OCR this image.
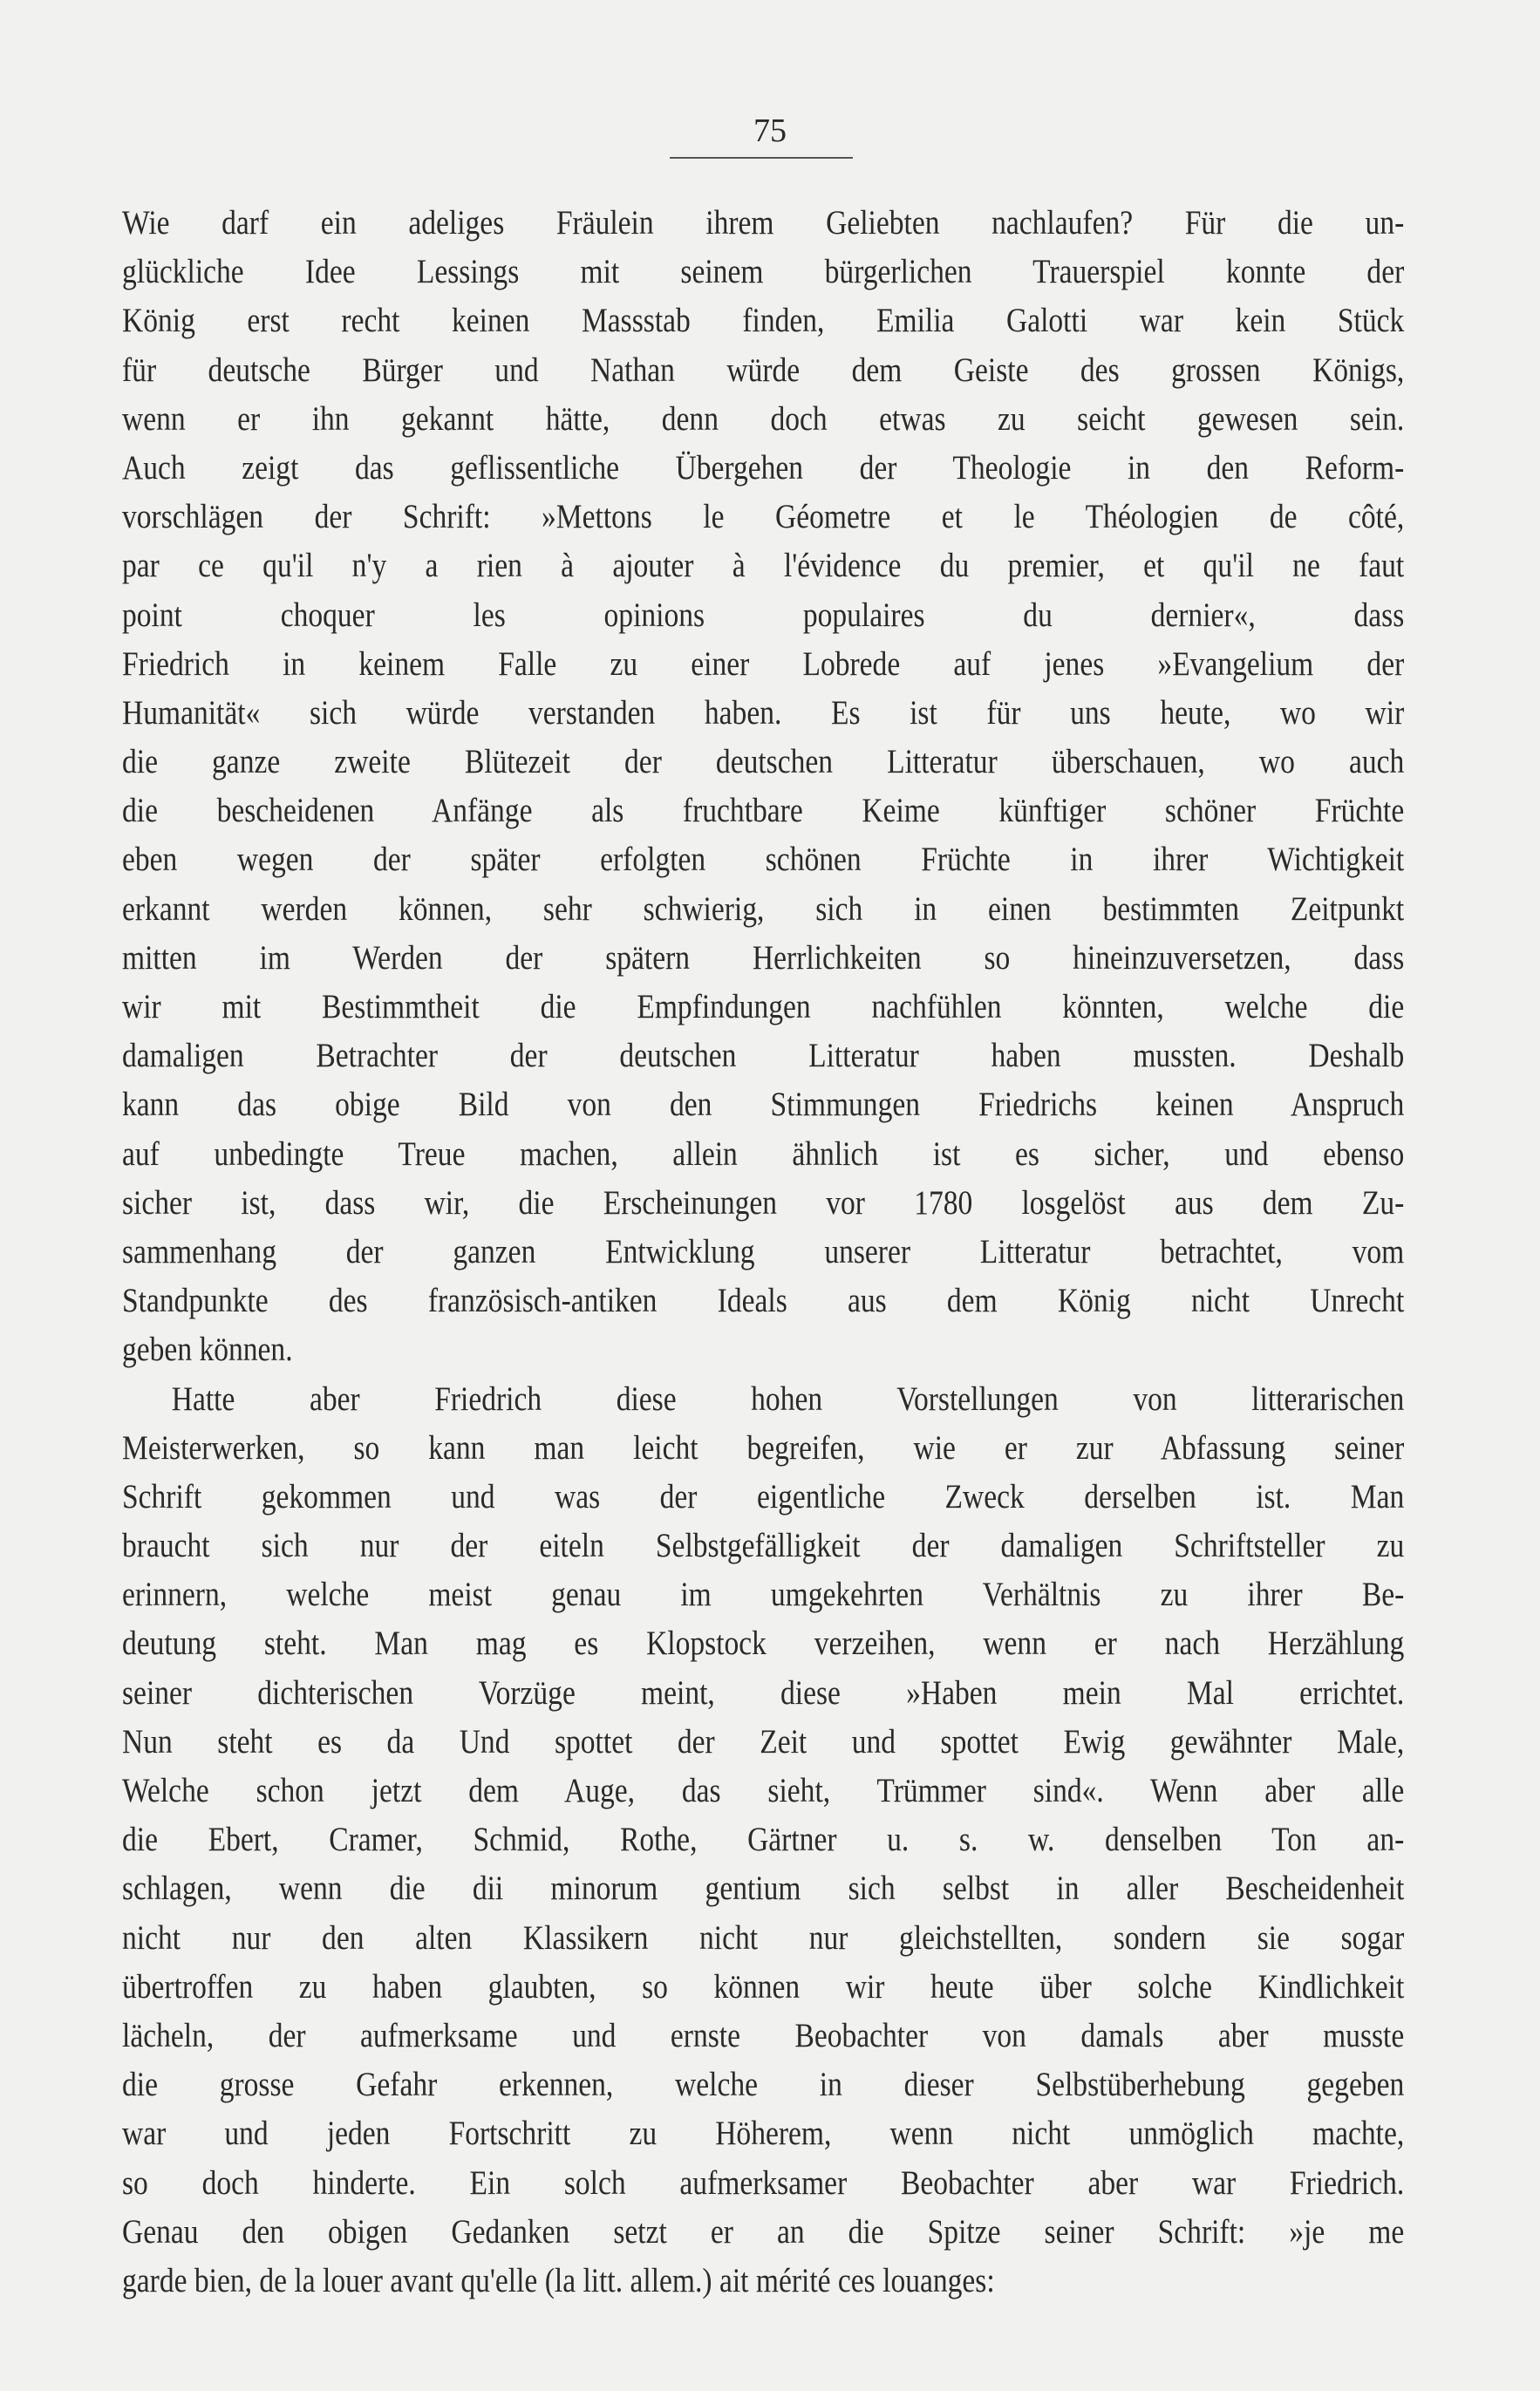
75
Wie darf ein adeliges Fräulein ihrem Geliebten nachlaufen? Für die un-
glückliche Idee Lessings mit seinem bürgerlichen Trauerspiel konnte der
König erst recht keinen Massstab finden, Emilia Galotti war kein Stück
für deutsche Bürger und Nathan würde dem Geiste des grossen Königs,
wenn er ihn gekannt hätte, denn doch etwas zu seicht gewesen sein.
Auch zeigt das geflissentliche Übergehen der Theologie in den Reform-
vorschlägen der Schrift: »Mettons le Géometre et le Théologien de côté,
par ce qu'il n'y a rien à ajouter à l'évidence du premier, et qu'il ne faut
point choquer les opinions populaires du dernier«, dass
Friedrich in keinem Falle zu einer Lobrede auf jenes »Evangelium der
Humanität« sich würde verstanden haben. Es ist für uns heute, wo wir
die ganze zweite Blütezeit der deutschen Litteratur überschauen, wo auch
die bescheidenen Anfänge als fruchtbare Keime künftiger schöner Früchte
eben wegen der später erfolgten schönen Früchte in ihrer Wichtigkeit
erkannt werden können, sehr schwierig, sich in einen bestimmten Zeitpunkt
mitten im Werden der spätern Herrlichkeiten so hineinzuversetzen, dass
wir mit Bestimmtheit die Empfindungen nachfühlen könnten, welche die
damaligen Betrachter der deutschen Litteratur haben mussten. Deshalb
kann das obige Bild von den Stimmungen Friedrichs keinen Anspruch
auf unbedingte Treue machen, allein ähnlich ist es sicher, und ebenso
sicher ist, dass wir, die Erscheinungen vor 1780 losgelöst aus dem Zu-
sammenhang der ganzen Entwicklung unserer Litteratur betrachtet, vom
Standpunkte des französisch-antiken Ideals aus dem König nicht Unrecht
geben können.
Hatte aber Friedrich diese hohen Vorstellungen von litterarischen
Meisterwerken, so kann man leicht begreifen, wie er zur Abfassung seiner
Schrift gekommen und was der eigentliche Zweck derselben ist. Man
braucht sich nur der eiteln Selbstgefälligkeit der damaligen Schriftsteller zu
erinnern, welche meist genau im umgekehrten Verhältnis zu ihrer Be-
deutung steht. Man mag es Klopstock verzeihen, wenn er nach Herzählung
seiner dichterischen Vorzüge meint, diese »Haben mein Mal errichtet.
Nun steht es da Und spottet der Zeit und spottet Ewig gewähnter Male,
Welche schon jetzt dem Auge, das sieht, Trümmer sind«. Wenn aber alle
die Ebert, Cramer, Schmid, Rothe, Gärtner u. s. w. denselben Ton an-
schlagen, wenn die dii minorum gentium sich selbst in aller Bescheidenheit
nicht nur den alten Klassikern nicht nur gleichstellten, sondern sie sogar
übertroffen zu haben glaubten, so können wir heute über solche Kindlichkeit
lächeln, der aufmerksame und ernste Beobachter von damals aber musste
die grosse Gefahr erkennen, welche in dieser Selbstüberhebung gegeben
war und jeden Fortschritt zu Höherem, wenn nicht unmöglich machte,
so doch hinderte. Ein solch aufmerksamer Beobachter aber war Friedrich.
Genau den obigen Gedanken setzt er an die Spitze seiner Schrift: »je me
garde bien, de la louer avant qu'elle (la litt. allem.) ait mérité ces louanges:
